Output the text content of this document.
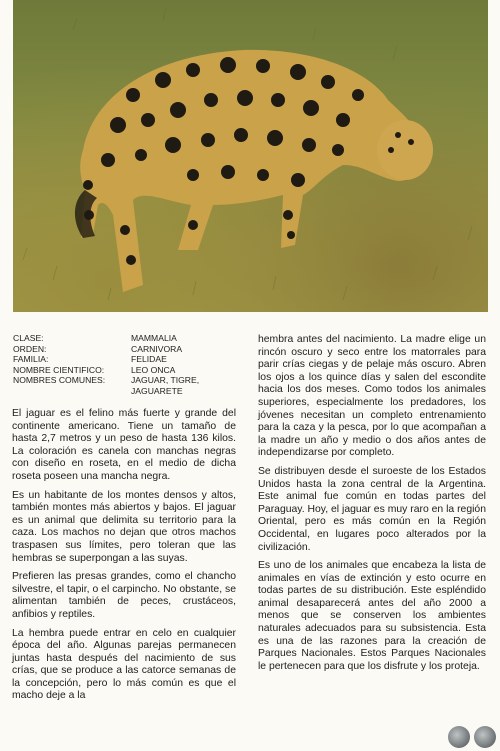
CLASE:	MAMMALIA
ORDEN:	CARNIVORA
FAMILIA:	FELIDAE
NOMBRE CIENTIFICO:	LEO ONCA
NOMBRES COMUNES:	JAGUAR, TIGRE, JAGUARETE

El jaguar es el felino más fuerte y grande del continente americano. Tiene un tamaño de hasta 2,7 metros y un peso de hasta 136 kilos. La coloración es canela con manchas negras con diseño en roseta, en el medio de dicha roseta poseen una mancha negra.

Es un habitante de los montes densos y altos, también montes más abiertos y bajos. El jaguar es un animal que delimita su territorio para la caza. Los machos no dejan que otros machos traspasen sus límites, pero toleran que las hembras se superpongan a las suyas.

Prefieren las presas grandes, como el chancho silvestre, el tapir, o el carpincho. No obstante, se alimentan también de peces, crustáceos, anfibios y reptiles.

La hembra puede entrar en celo en cualquier época del año. Algunas parejas permanecen juntas hasta después del nacimiento de sus crías, que se produce a las catorce semanas de la concepción, pero lo más común es que el macho deje a la

hembra antes del nacimiento. La madre elige un rincón oscuro y seco entre los matorrales para parir crías ciegas y de pelaje más oscuro. Abren los ojos a los quince días y salen del escondite hacia los dos meses. Como todos los animales superiores, especialmente los predadores, los jóvenes necesitan un completo entrenamiento para la caza y la pesca, por lo que acompañan a la madre un año y medio o dos años antes de independizarse por completo.

Se distribuyen desde el suroeste de los Estados Unidos hasta la zona central de la Argentina. Este animal fue común en todas partes del Paraguay. Hoy, el jaguar es muy raro en la región Oriental, pero es más común en la Región Occidental, en lugares poco alterados por la civilización.

Es uno de los animales que encabeza la lista de animales en vías de extinción y esto ocurre en todas partes de su distribución. Este espléndido animal desaparecerá antes del año 2000 a menos que se conserven los ambientes naturales adecuados para su subsistencia. Esta es una de las razones para la creación de Parques Nacionales. Estos Parques Nacionales le pertenecen para que los disfrute y los proteja.
